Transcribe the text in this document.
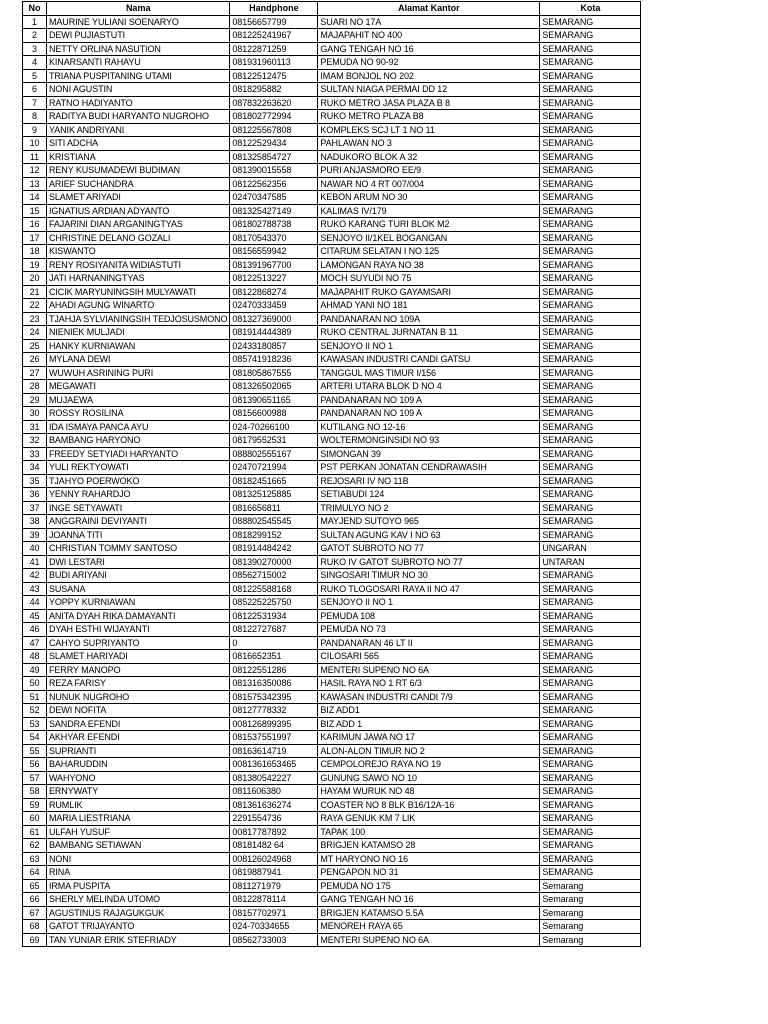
No	Nama	Handphone	Alamat Kantor	Kota
1	MAURINE YULIANI SOENARYO	08156657799	SUARI NO 17A	SEMARANG
2	DEWI PUJIASTUTI	081225241967	MAJAPAHIT NO 400	SEMARANG
3	NETTY ORLINA NASUTION	08122871259	GANG TENGAH NO 16	SEMARANG
4	KINARSANTI RAHAYU	081931960113	PEMUDA NO 90-92	SEMARANG
5	TRIANA PUSPITANING UTAMI	08122512475	IMAM BONJOL NO 202	SEMARANG
6	NONI AGUSTIN	0818295882	SULTAN NIAGA PERMAI DD 12	SEMARANG
7	RATNO HADIYANTO	087832263620	RUKO METRO JASA PLAZA B 8	SEMARANG
8	RADITYA BUDI HARYANTO NUGROHO	081802772994	RUKO METRO PLAZA B8	SEMARANG
9	YANIK ANDRIYANI	081225567808	KOMPLEKS SCJ LT 1 NO 11	SEMARANG
10	SITI ADCHA	08122529434	PAHLAWAN NO 3	SEMARANG
11	KRISTIANA	081325854727	NADUKORO BLOK A 32	SEMARANG
12	RENY KUSUMADEWI BUDIMAN	081390015558	PURI ANJASMORO EE/9	SEMARANG
13	ARIEF SUCHANDRA	08122562356	NAWAR NO 4 RT 007/004	SEMARANG
14	SLAMET ARIYADI	02470347585	KEBON ARUM NO 30	SEMARANG
15	IGNATIUS ARDIAN ADYANTO	081325427149	KALIMAS IV/179	SEMARANG
16	FAJARINI DIAN ARGANINGTYAS	081802788738	RUKO KARANG TURI BLOK M2	SEMARANG
17	CHRISTINE DELANO GOZALI	08170543370	SENJOYO II/1KEL BOGANGAN	SEMARANG
18	KISWANTO	08156559942	CITARUM SELATAN I NO 125	SEMARANG
19	RENY ROSIYANITA WIDIASTUTI	081391967700	LAMONGAN RAYA NO 38	SEMARANG
20	JATI HARNANINGTYAS	08122513227	MOCH SUYUDI NO 75	SEMARANG
21	CICIK MARYUNINGSIH MULYAWATI	08122868274	MAJAPAHIT RUKO GAYAMSARI	SEMARANG
22	AHADI AGUNG WINARTO	02470333459	AHMAD YANI NO 181	SEMARANG
23	TJAHJA SYLVIANINGSIH TEDJOSUSMONO	081327369000	PANDANARAN NO 109A	SEMARANG
24	NIENIEK MULJADI	081914444389	RUKO CENTRAL JURNATAN B 11	SEMARANG
25	HANKY KURNIAWAN	02433180857	SENJOYO II NO 1	SEMARANG
26	MYLANA DEWI	085741918236	KAWASAN INDUSTRI CANDI GATSU	SEMARANG
27	WUWUH ASRINING PURI	081805867555	TANGGUL MAS TIMUR I/156	SEMARANG
28	MEGAWATI	081326502065	ARTERI UTARA BLOK D NO 4	SEMARANG
29	MUJAEWA	081390651165	PANDANARAN NO 109 A	SEMARANG
30	ROSSY ROSILINA	08156600988	PANDANARAN NO 109 A	SEMARANG
31	IDA ISMAYA PANCA AYU	024-70266100	KUTILANG NO 12-16	SEMARANG
32	BAMBANG HARYONO	08179552531	WOLTERMONGINSIDI NO 93	SEMARANG
33	FREEDY SETYIADI HARYANTO	088802555167	SIMONGAN 39	SEMARANG
34	YULI REKTYOWATI	02470721994	PST PERKAN JONATAN CENDRAWASIH	SEMARANG
35	TJAHYO POERWOKO	08182451665	REJOSARI IV NO 11B	SEMARANG
36	YENNY RAHARDJO	081325125885	SETIABUDI 124	SEMARANG
37	INGE SETYAWATI	0816656811	TRIMULYO NO 2	SEMARANG
38	ANGGRAINI DEVIYANTI	088802545545	MAYJEND SUTOYO 965	SEMARANG
39	JOANNA TITI	0818299152	SULTAN AGUNG KAV I NO 63	SEMARANG
40	CHRISTIAN TOMMY SANTOSO	081914484242	GATOT SUBROTO NO 77	UNGARAN
41	DWI LESTARI	081390270000	RUKO IV GATOT SUBROTO NO 77	UNTARAN
42	BUDI ARIYANI	08562715002	SINGOSARI TIMUR NO 30	SEMARANG
43	SUSANA	081225588168	RUKO TLOGOSARI RAYA II NO 47	SEMARANG
44	YOPPY KURNIAWAN	085225225750	SENJOYO II NO 1	SEMARANG
45	ANITA DYAH RIKA DAMAYANTI	08122531934	PEMUDA 108	SEMARANG
46	DYAH ESTHI WIJAYANTI	08122727687	PEMUDA NO 73	SEMARANG
47	CAHYO SUPRIYANTO	0	PANDANARAN 46 LT II	SEMARANG
48	SLAMET HARIYADI	0816652351	CILOSARI 565	SEMARANG
49	FERRY MANOPO	08122551286	MENTERI SUPENO NO 6A	SEMARANG
50	REZA FARISY	081316350086	HASIL RAYA NO 1 RT 6/3	SEMARANG
51	NUNUK NUGROHO	081575342395	KAWASAN INDUSTRI CANDI 7/9	SEMARANG
52	DEWI NOFITA	08127778332	BIZ ADD1	SEMARANG
53	SANDRA EFENDI	008126899395	BIZ ADD 1	SEMARANG
54	AKHYAR EFENDI	081537551997	KARIMUN JAWA NO 17	SEMARANG
55	SUPRIANTI	08163614719	ALON-ALON TIMUR NO 2	SEMARANG
56	BAHARUDDIN	0081361653465	CEMPOLOREJO RAYA NO 19	SEMARANG
57	WAHYONO	081380542227	GUNUNG SAWO NO 10	SEMARANG
58	ERNYWATY	0811606380	HAYAM WURUK NO 48	SEMARANG
59	RUMLIK	081361636274	COASTER NO 8 BLK B16/12A-16	SEMARANG
60	MARIA LIESTRIANA	2291554736	RAYA GENUK KM 7 LIK	SEMARANG
61	ULFAH YUSUF	00817787892	TAPAK 100	SEMARANG
62	BAMBANG SETIAWAN	08181482 64	BRIGJEN KATAMSO 28	SEMARANG
63	NONI	008126024968	MT HARYONO NO 16	SEMARANG
64	RINA	0819887941	PENGAPON NO 31	SEMARANG
65	IRMA PUSPITA	0811271979	PEMUDA NO 175	Semarang
66	SHERLY MELINDA UTOMO	08122878114	GANG TENGAH NO 16	Semarang
67	AGUSTINUS RAJAGUKGUK	08157702971	BRIGJEN KATAMSO 5.5A	Semarang
68	GATOT TRIJAYANTO	024-70334655	MENOREH RAYA 65	Semarang
69	TAN YUNIAR ERIK STEFRIADY	08562733003	MENTERI SUPENO NO 6A	Semarang
